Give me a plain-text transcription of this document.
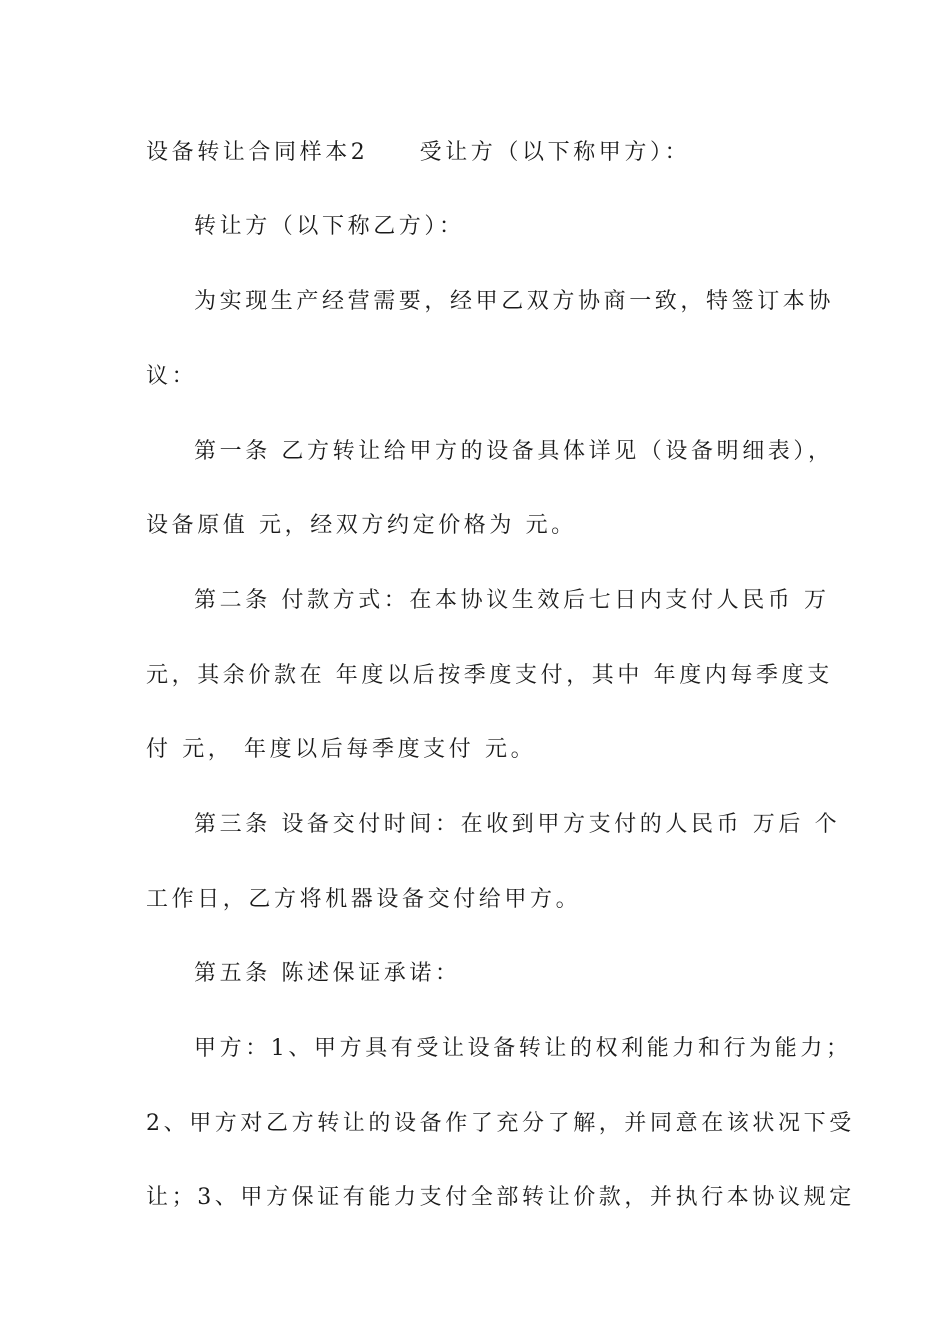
设备转让合同样本2　　受让方（以下称甲方）：
转让方（以下称乙方）：
为实现生产经营需要，经甲乙双方协商一致，特签订本协
议：
第一条 乙方转让给甲方的设备具体详见（设备明细表），
设备原值 元，经双方约定价格为 元。
第二条 付款方式：在本协议生效后七日内支付人民币 万
元，其余价款在 年度以后按季度支付，其中 年度内每季度支
付 元， 年度以后每季度支付 元。
第三条 设备交付时间：在收到甲方支付的人民币 万后 个
工作日，乙方将机器设备交付给甲方。
第五条 陈述保证承诺：
甲方：1、甲方具有受让设备转让的权利能力和行为能力；
2、甲方对乙方转让的设备作了充分了解，并同意在该状况下受
让；3、甲方保证有能力支付全部转让价款，并执行本协议规定
